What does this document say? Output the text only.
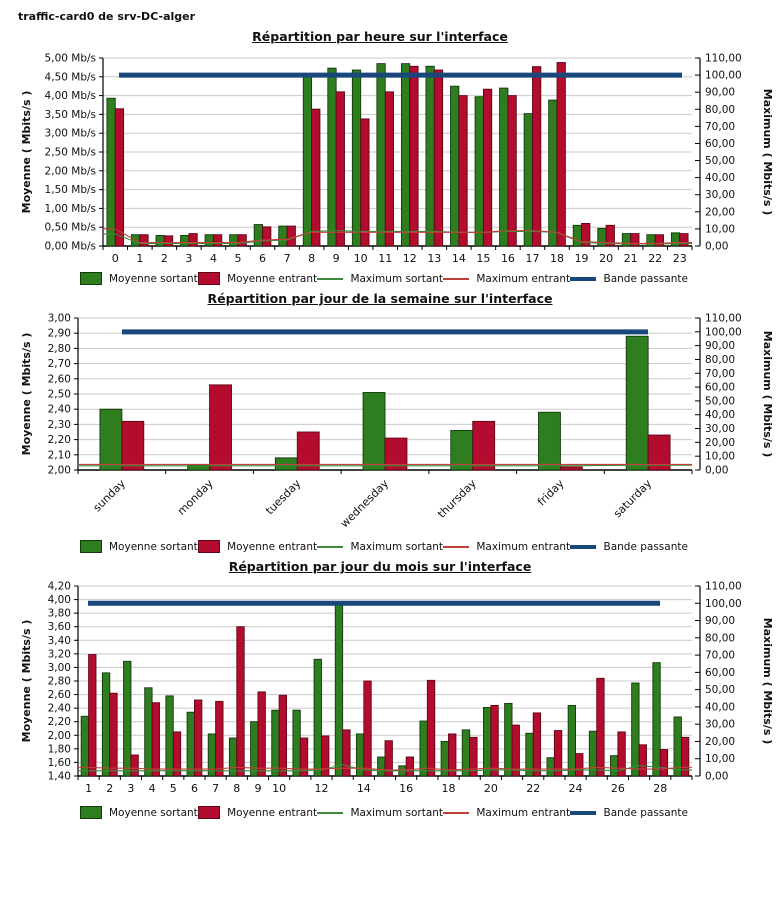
traffic-card0 de srv-DC-alger
Répartition par heure sur l'interface
0,00 Mb/s
0,50 Mb/s
1,00 Mb/s
1,50 Mb/s
2,00 Mb/s
2,50 Mb/s
3,00 Mb/s
3,50 Mb/s
4,00 Mb/s
4,50 Mb/s
5,00 Mb/s
0,00
10,00
20,00
30,00
40,00
50,00
60,00
70,00
80,00
90,00
100,00
110,00
0 1 2 3 4 5 6 7 8 9 10 11 12 13 14 15 16 17 18 19 20 21 22 23
Moyenne ( Mbits/s )	Maximum ( Mbits/s )
Moyenne sortant	Moyenne entrant	Maximum sortant	Maximum entrant	Bande passante
Répartition par jour de la semaine sur l'interface
2,00
2,10
2,20
2,30
2,40
2,50
2,60
2,70
2,80
2,90
3,00
0,00
10,00
20,00
30,00
40,00
50,00
60,00
70,00
80,00
90,00
100,00
110,00
sunday	monday	tuesday	wednesday	thursday	friday	saturday
Moyenne ( Mbits/s )	Maximum ( Mbits/s )
Moyenne sortant	Moyenne entrant	Maximum sortant	Maximum entrant	Bande passante
Répartition par jour du mois sur l'interface
1,40
1,60
1,80
2,00
2,20
2,40
2,60
2,80
3,00
3,20
3,40
3,60
3,80
4,00
4,20
0,00
10,00
20,00
30,00
40,00
50,00
60,00
70,00
80,00
90,00
100,00
110,00
1 2 3 4 5 6 7 8 9 10	12	14	16	18	20	22	24	26	28
Moyenne ( Mbits/s )	Maximum ( Mbits/s )
Moyenne sortant	Moyenne entrant	Maximum sortant	Maximum entrant	Bande passante
